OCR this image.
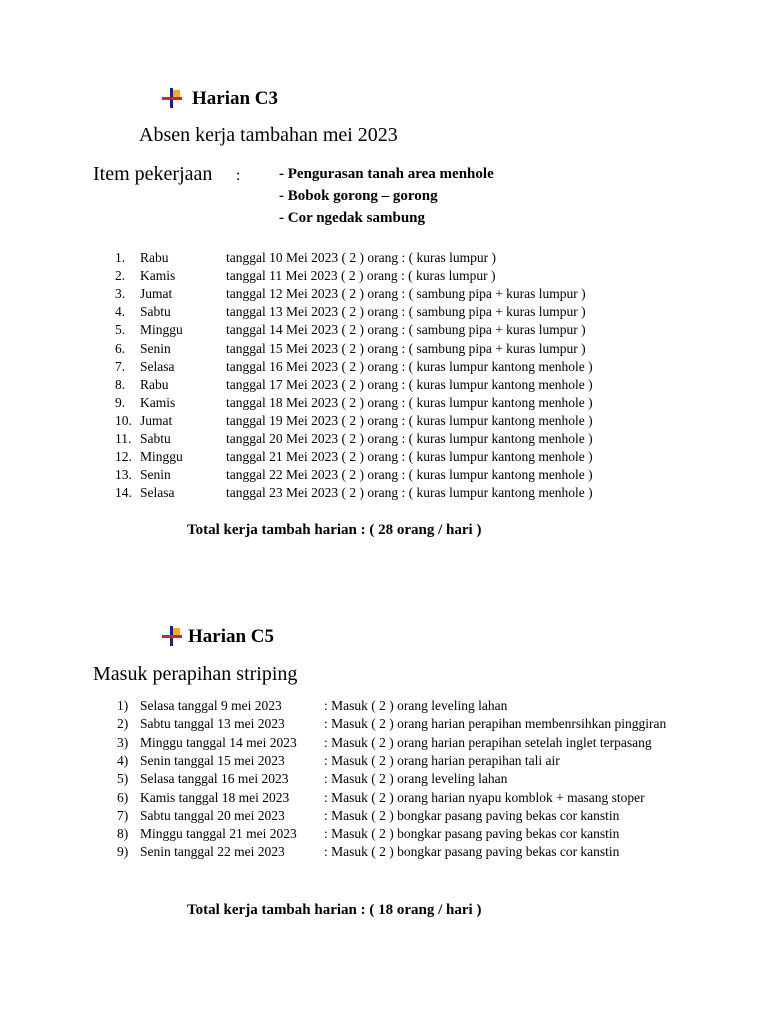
Harian C3
Absen kerja tambahan mei 2023
Item pekerjaan :	- Pengurasan tanah area menhole
- Bobok gorong – gorong
- Cor ngedak sambung
1. Rabu	tanggal 10 Mei 2023 ( 2 ) orang : ( kuras lumpur )
2. Kamis	tanggal 11 Mei 2023 ( 2 ) orang : ( kuras lumpur )
3. Jumat	tanggal 12 Mei 2023 ( 2 ) orang : ( sambung pipa + kuras lumpur )
4. Sabtu	tanggal 13 Mei 2023 ( 2 ) orang : ( sambung pipa + kuras lumpur )
5. Minggu	tanggal 14 Mei 2023 ( 2 ) orang : ( sambung pipa + kuras lumpur )
6. Senin	tanggal 15 Mei 2023 ( 2 ) orang : ( sambung pipa + kuras lumpur )
7. Selasa	tanggal 16 Mei 2023 ( 2 ) orang : ( kuras lumpur kantong menhole )
8. Rabu	tanggal 17 Mei 2023 ( 2 ) orang : ( kuras lumpur kantong menhole )
9. Kamis	tanggal 18 Mei 2023 ( 2 ) orang : ( kuras lumpur kantong menhole )
10. Jumat	tanggal 19 Mei 2023 ( 2 ) orang : ( kuras lumpur kantong menhole )
11. Sabtu	tanggal 20 Mei 2023 ( 2 ) orang : ( kuras lumpur kantong menhole )
12. Minggu	tanggal 21 Mei 2023 ( 2 ) orang : ( kuras lumpur kantong menhole )
13. Senin	tanggal 22 Mei 2023 ( 2 ) orang : ( kuras lumpur kantong menhole )
14. Selasa	tanggal 23 Mei 2023 ( 2 ) orang : ( kuras lumpur kantong menhole )
Total kerja tambah harian : ( 28 orang / hari )
Harian C5
Masuk perapihan striping
1) Selasa tanggal 9 mei 2023	: Masuk ( 2 ) orang leveling lahan
2) Sabtu tanggal 13 mei 2023	: Masuk ( 2 ) orang harian perapihan membenrsihkan pinggiran
3) Minggu tanggal 14 mei 2023 : Masuk ( 2 ) orang harian perapihan setelah inglet terpasang
4) Senin tanggal 15 mei 2023	: Masuk ( 2 ) orang harian perapihan tali air
5) Selasa tanggal 16 mei 2023	: Masuk ( 2 ) orang leveling lahan
6) Kamis tanggal 18 mei 2023	: Masuk ( 2 ) orang harian nyapu komblok + masang stoper
7) Sabtu tanggal 20 mei 2023	: Masuk ( 2 ) bongkar pasang paving bekas cor kanstin
8) Minggu tanggal 21 mei 2023 : Masuk ( 2 ) bongkar pasang paving bekas cor kanstin
9) Senin tanggal 22 mei 2023	: Masuk ( 2 ) bongkar pasang paving bekas cor kanstin
Total kerja tambah harian : ( 18 orang / hari )
